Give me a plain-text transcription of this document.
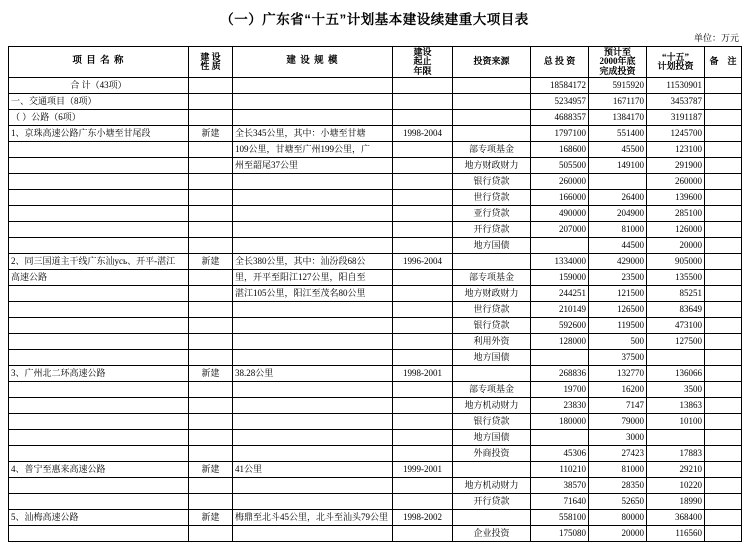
（一）广东省“十五”计划基本建设续建重大项目表
单位：万元
项 目 名 称	建 设
性 质	建 设 规 模	建设
起止
年限	投资来源	总 投 资	预计至
2000年底
完成投资	“十五”
计划投资	备 注
合 计（43项）					18584172	5915920	11530901	
一、交通项目（8项）					5234957	1671170	3453787	
（ ）公路（6项）					4688357	1384170	3191187	
1、京珠高速公路广东小塘至甘尾段	新建	全长345公里，其中：小塘至甘塘	1998-2004		1797100	551400	1245700	
		109公里，甘塘至广州199公里，广		部专项基金	168600	45500	123100	
		州至韶尾37公里		地方财政财力	505500	149100	291900	
				银行贷款	260000		260000	
				世行贷款	166000	26400	139600	
				亚行贷款	490000	204900	285100	
				开行贷款	207000	81000	126000	
				地方国债		44500	20000	
2、同三国道主干线广东汕усь、开平-湛江	新建	全长380公里，其中：汕汾段68公	1996-2004		1334000	429000	905000	
高速公路		里，开平至阳江127公里，阳自至		部专项基金	159000	23500	135500	
		湛江105公里，阳江至茂名80公里		地方财政财力	244251	121500	85251	
				世行贷款	210149	126500	83649	
				银行贷款	592600	119500	473100	
				利用外资	128000	500	127500	
				地方国债		37500		
3、广州北二环高速公路	新建	38.28公里	1998-2001		268836	132770	136066	
				部专项基金	19700	16200	3500	
				地方机动财力	23830	7147	13863	
				银行贷款	180000	79000	10100	
				地方国债		3000		
				外商投资	45306	27423	17883	
4、普宁至惠来高速公路	新建	41公里	1999-2001		110210	81000	29210	
				地方机动财力	38570	28350	10220	
				开行贷款	71640	52650	18990	
5、汕梅高速公路	新建	梅鼎至北斗45公里，北斗至汕头79公里	1998-2002		558100	80000	368400	
				企业投资	175080	20000	116560	
